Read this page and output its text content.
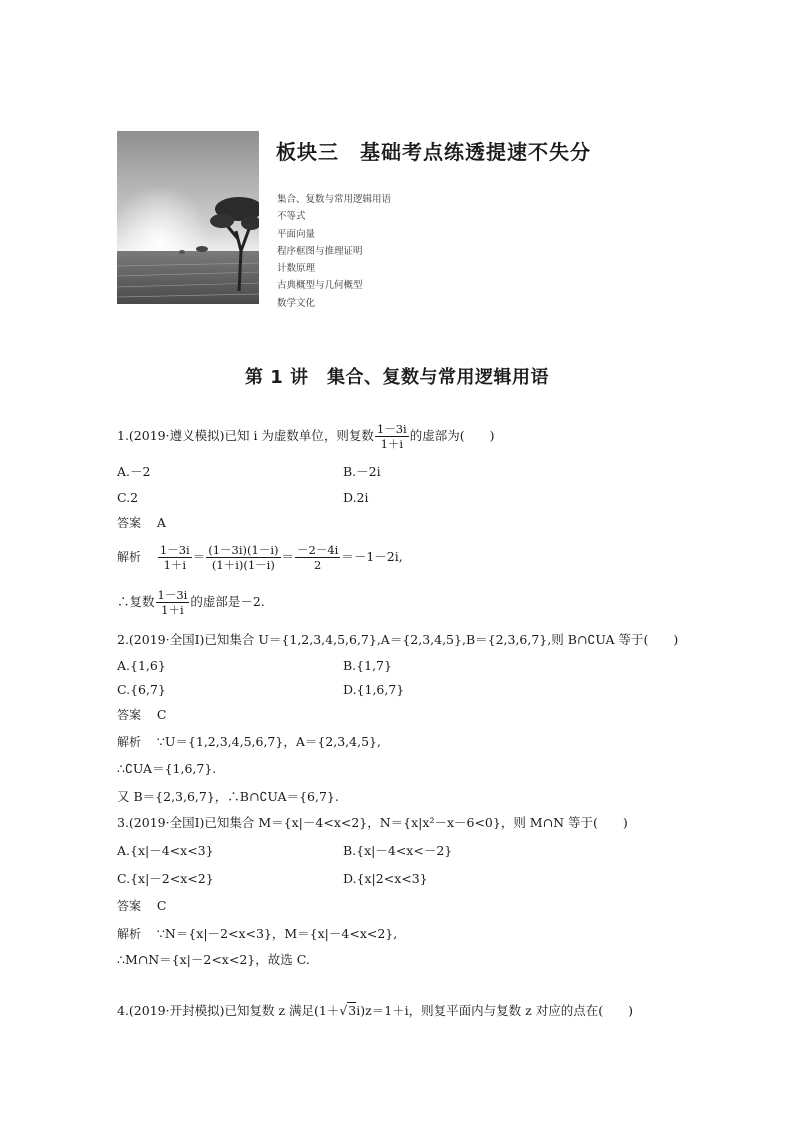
板块三　基础考点练透提速不失分
集合、复数与常用逻辑用语
不等式
平面向量
程序框图与推理证明
计数原理
古典概型与几何概型
数学文化
第 1 讲　集合、复数与常用逻辑用语
1.(2019·遵义模拟)已知 i 为虚数单位，则复数 $\frac{1-3i}{1+i}$ 的虚部为(　　)
A.－2	B.－2i
C.2	D.2i
答案 A
解析 $\frac{1-3i}{1+i} = \frac{(1-3i)(1-i)}{(1+i)(1-i)} = \frac{-2-4i}{2} =-1-2i$,
∴复数 $\frac{1-3i}{1+i}$ 的虚部是－2.
2.(2019·全国Ⅰ)已知集合 U＝{1,2,3,4,5,6,7},A＝{2,3,4,5},B＝{2,3,6,7},则 B∩∁UA 等于(　　)
A.{1,6}	B.{1,7}
C.{6,7}	D.{1,6,7}
答案 C
解析 ∵U＝{1,2,3,4,5,6,7}，A＝{2,3,4,5},
∴∁UA＝{1,6,7}.
又 B＝{2,3,6,7}，∴B∩∁UA＝{6,7}.
3.(2019·全国Ⅰ)已知集合 M＝{x|－4<x<2}，N＝{x|x²－x－6<0}，则 M∩N 等于(　　)
A.{x|－4<x<3}	B.{x|－4<x<－2}
C.{x|－2<x<2}	D.{x|2<x<3}
答案 C
解析 ∵N＝{x|－2<x<3}，M＝{x|－4<x<2},
∴M∩N＝{x|－2<x<2}，故选 C.
4.(2019·开封模拟)已知复数 z 满足(1＋√3i)z＝1＋i，则复平面内与复数 z 对应的点在(　　)
